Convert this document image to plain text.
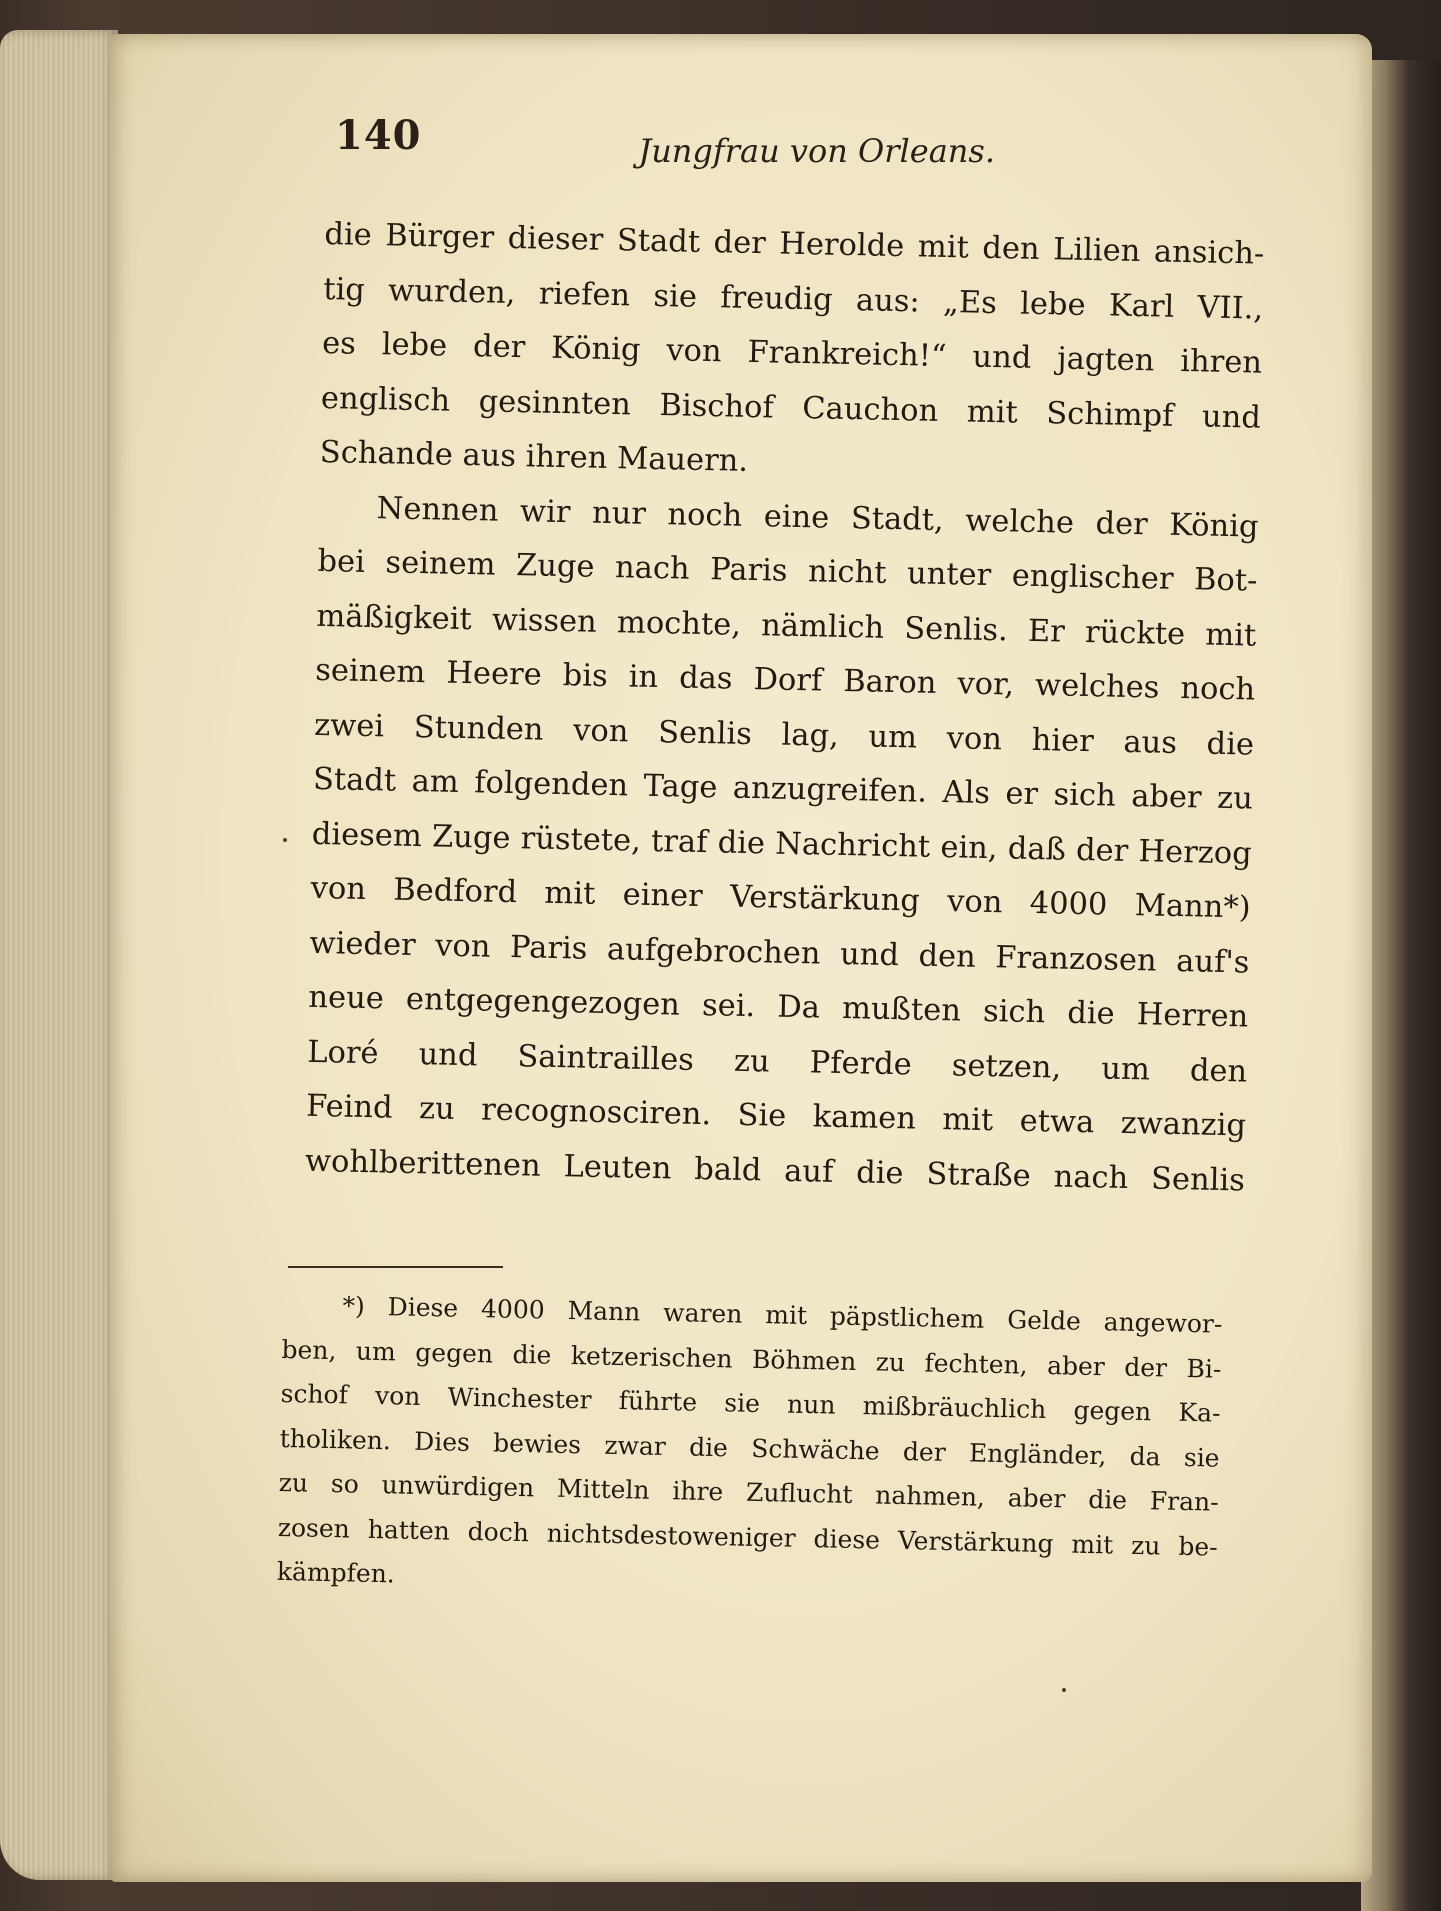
140	Jungfrau von Orleans.
die Bürger dieser Stadt der Herolde mit den Lilien ansich-
tig wurden, riefen sie freudig aus: „Es lebe Karl VII.,
es lebe der König von Frankreich!“ und jagten ihren
englisch gesinnten Bischof Cauchon mit Schimpf und
Schande aus ihren Mauern.
Nennen wir nur noch eine Stadt, welche der König
bei seinem Zuge nach Paris nicht unter englischer Bot-
mäßigkeit wissen mochte, nämlich Senlis. Er rückte mit
seinem Heere bis in das Dorf Baron vor, welches noch
zwei Stunden von Senlis lag, um von hier aus die
Stadt am folgenden Tage anzugreifen. Als er sich aber zu
diesem Zuge rüstete, traf die Nachricht ein, daß der Herzog
von Bedford mit einer Verstärkung von 4000 Mann*)
wieder von Paris aufgebrochen und den Franzosen auf's
neue entgegengezogen sei. Da mußten sich die Herren
Loré und Saintrailles zu Pferde setzen, um den
Feind zu recognosciren. Sie kamen mit etwa zwanzig
wohlberittenen Leuten bald auf die Straße nach Senlis
*) Diese 4000 Mann waren mit päpstlichem Gelde angewor-
ben, um gegen die ketzerischen Böhmen zu fechten, aber der Bi-
schof von Winchester führte sie nun mißbräuchlich gegen Ka-
tholiken. Dies bewies zwar die Schwäche der Engländer, da sie
zu so unwürdigen Mitteln ihre Zuflucht nahmen, aber die Fran-
zosen hatten doch nichtsdestoweniger diese Verstärkung mit zu be-
kämpfen.
